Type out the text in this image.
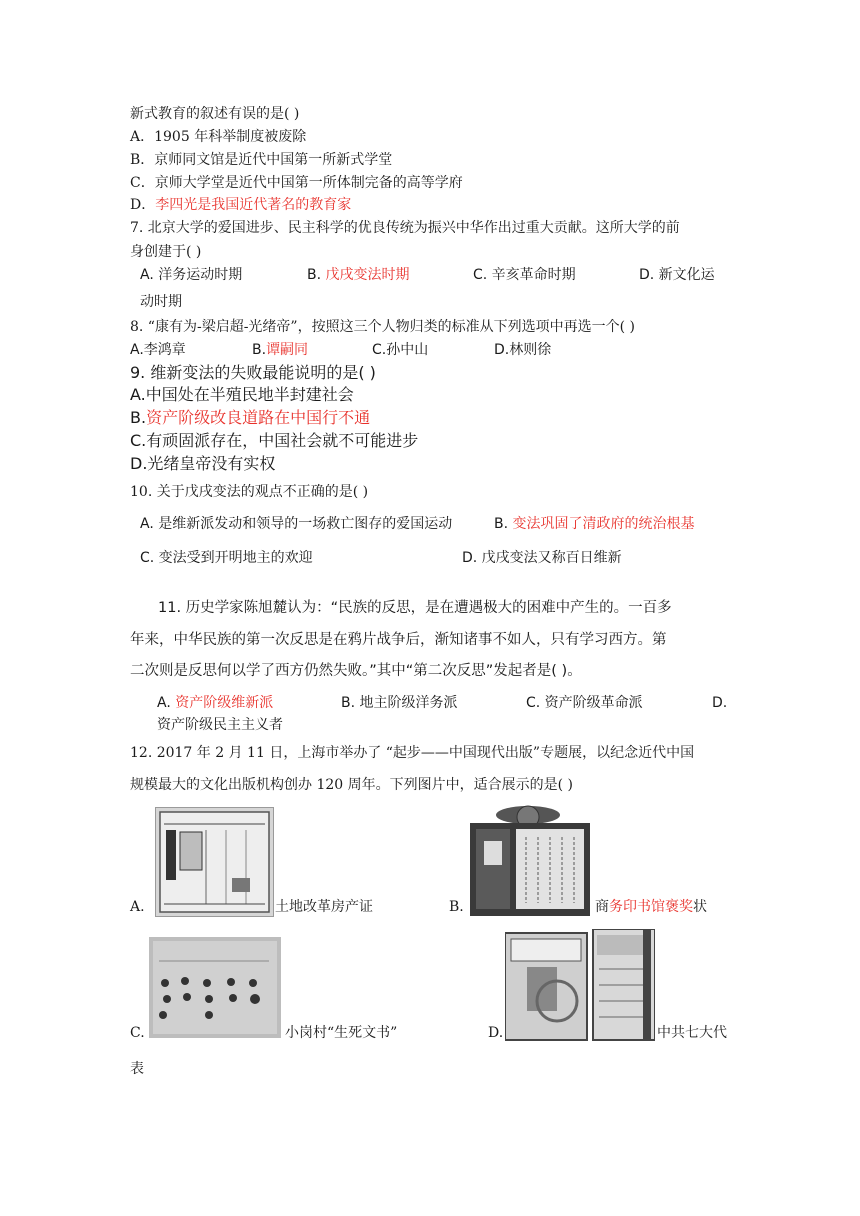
新式教育的叙述有误的是( )
A．1905 年科举制度被废除
B．京师同文馆是近代中国第一所新式学堂
C．京师大学堂是近代中国第一所体制完备的高等学府
D．李四光是我国近代著名的教育家
7. 北京大学的爱国进步、民主科学的优良传统为振兴中华作出过重大贡献。这所大学的前
身创建于( )
A. 洋务运动时期	B. 戊戌变法时期	C. 辛亥革命时期	D. 新文化运
动时期
8. “康有为-梁启超-光绪帝”，按照这三个人物归类的标准从下列选项中再选一个( )
A.李鸿章	B.谭嗣同	C.孙中山	D.林则徐
9. 维新变法的失败最能说明的是( )
A.中国处在半殖民地半封建社会
B.资产阶级改良道路在中国行不通
C.有顽固派存在，中国社会就不可能进步
D.光绪皇帝没有实权
10. 关于戊戌变法的观点不正确的是( )
A. 是维新派发动和领导的一场救亡图存的爱国运动	B. 变法巩固了清政府的统治根基
C. 变法受到开明地主的欢迎	D. 戊戌变法又称百日维新
11. 历史学家陈旭麓认为：“民族的反思，是在遭遇极大的困难中产生的。一百多
年来，中华民族的第一次反思是在鸦片战争后，渐知诸事不如人，只有学习西方。第
二次则是反思何以学了西方仍然失败。”其中“第二次反思”发起者是( )。
A. 资产阶级维新派	B. 地主阶级洋务派	C. 资产阶级革命派	D.
资产阶级民主主义者
12. 2017 年 2 月 11 日，上海市举办了 “起步——中国现代出版”专题展，以纪念近代中国
规模最大的文化出版机构创办 120 周年。下列图片中，适合展示的是( )
A.	土地改革房产证	B.	商务印书馆褒奖状
C.	小岗村“生死文书”	D.	中共七大代
表
